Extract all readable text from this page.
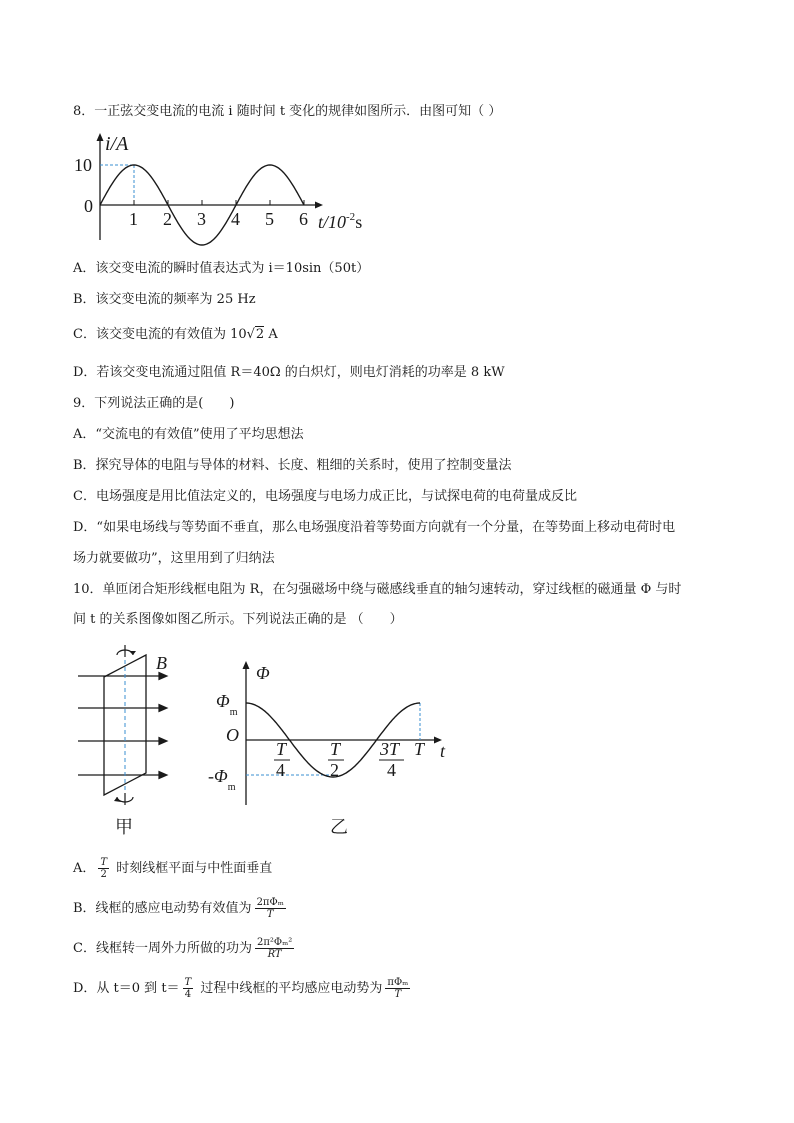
8．一正弦交变电流的电流 i 随时间 t 变化的规律如图所示．由图可知（ ）
i/A
10
0
1 2 3 4 5 6 $t/10^{-2}s$
A．该交变电流的瞬时值表达式为 i＝10sin（50t）
B．该交变电流的频率为 25 Hz
C．该交变电流的有效值为 10√2 A
D．若该交变电流通过阻值 R＝40Ω 的白炽灯，则电灯消耗的功率是 8 kW
9．下列说法正确的是(　　)
A．“交流电的有效值”使用了平均思想法
B．探究导体的电阻与导体的材料、长度、粗细的关系时，使用了控制变量法
C．电场强度是用比值法定义的，电场强度与电场力成正比，与试探电荷的电荷量成反比
D．“如果电场线与等势面不垂直，那么电场强度沿着等势面方向就有一个分量，在等势面上移动电荷时电
场力就要做功”，这里用到了归纳法
10．单匝闭合矩形线框电阻为 R，在匀强磁场中绕与磁感线垂直的轴匀速转动，穿过线框的磁通量 Φ 与时
间 t 的关系图像如图乙所示。下列说法正确的是 （　　）
B
甲
Φ
$\Phi_m$
O
$-\Phi_m$
T
4
T
2
3T
4
T t
乙
A． $\frac{T}{2}$ 时刻线框平面与中性面垂直
B．线框的感应电动势有效值为 $\frac{\text{2πΦₘ}}{T}$
C．线框转一周外力所做的功为 $\frac{\text{2π²Φₘ²}}{RT}$
D．从 t＝0 到 $t= \frac{T}{4}$ 过程中线框的平均感应电动势为 $\frac{\text{πΦₘ}}{T}$
